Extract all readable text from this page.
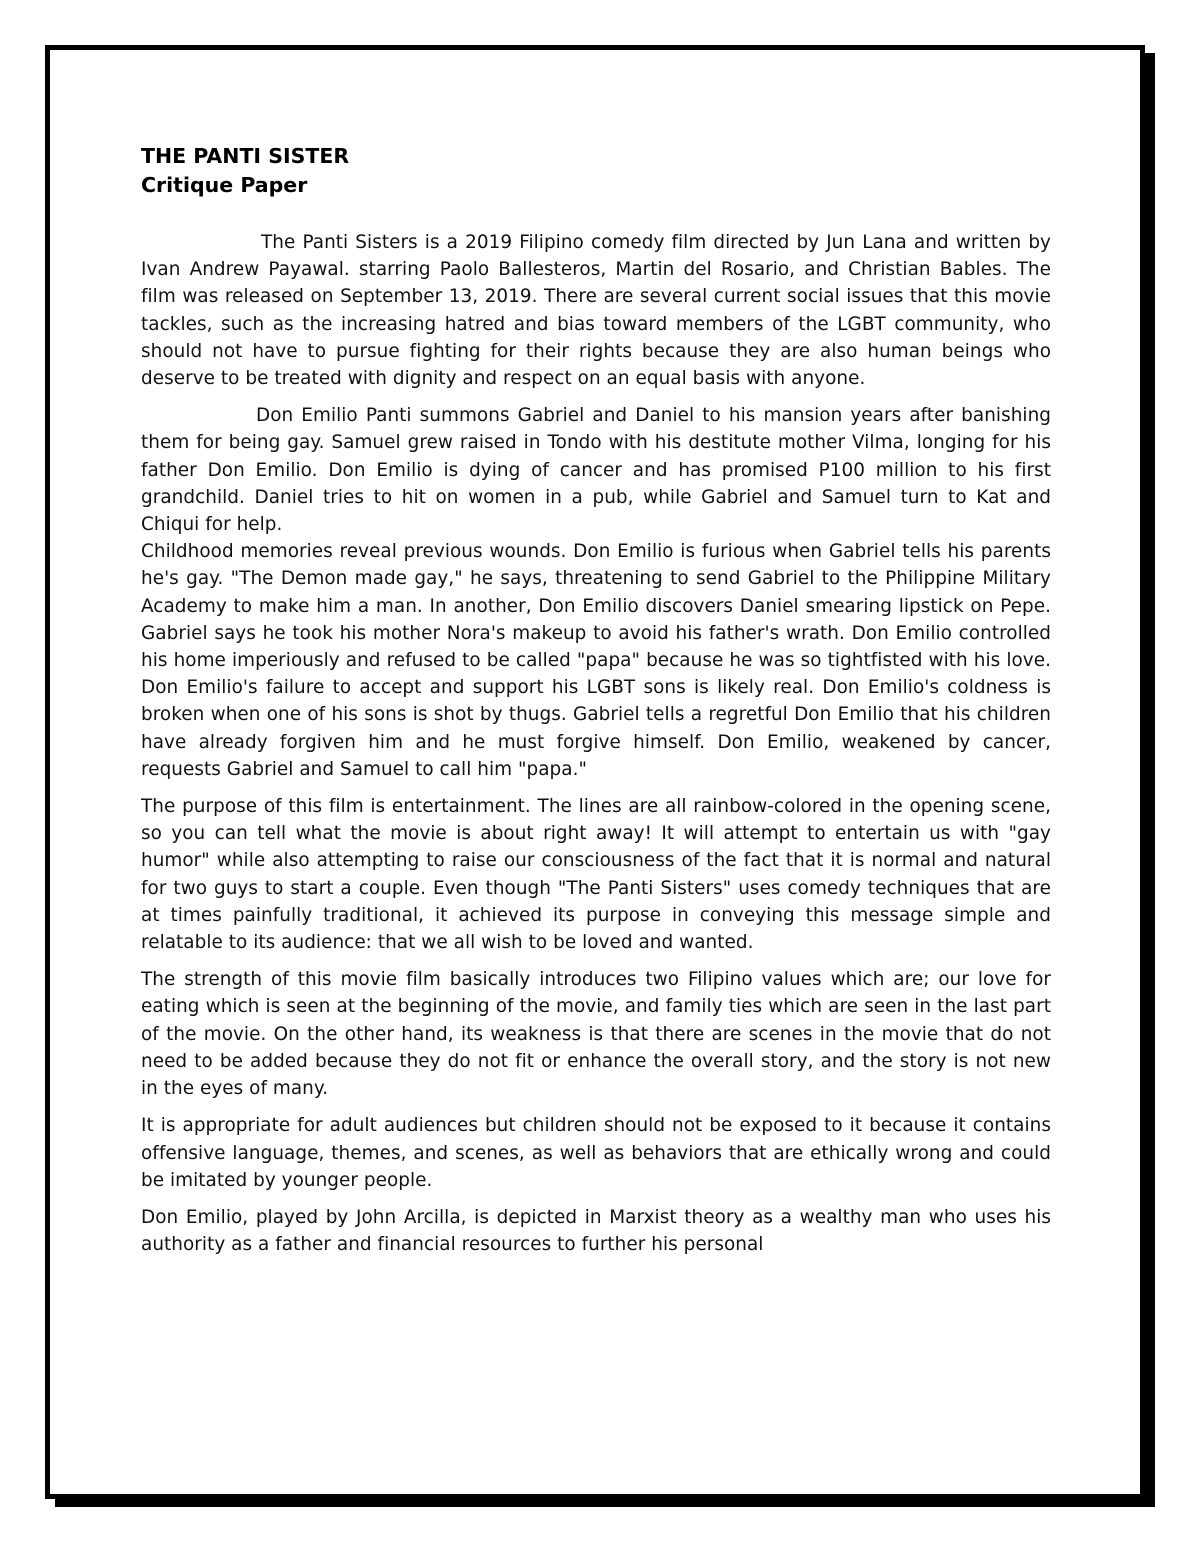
THE PANTI SISTER
Critique Paper

The Panti Sisters is a 2019 Filipino comedy film directed by Jun Lana and written by Ivan Andrew Payawal. starring Paolo Ballesteros, Martin del Rosario, and Christian Bables. The film was released on September 13, 2019. There are several current social issues that this movie tackles, such as the increasing hatred and bias toward members of the LGBT community, who should not have to pursue fighting for their rights because they are also human beings who deserve to be treated with dignity and respect on an equal basis with anyone.

Don Emilio Panti summons Gabriel and Daniel to his mansion years after banishing them for being gay. Samuel grew raised in Tondo with his destitute mother Vilma, longing for his father Don Emilio. Don Emilio is dying of cancer and has promised P100 million to his first grandchild. Daniel tries to hit on women in a pub, while Gabriel and Samuel turn to Kat and Chiqui for help.

Childhood memories reveal previous wounds. Don Emilio is furious when Gabriel tells his parents he's gay. "The Demon made gay," he says, threatening to send Gabriel to the Philippine Military Academy to make him a man. In another, Don Emilio discovers Daniel smearing lipstick on Pepe. Gabriel says he took his mother Nora's makeup to avoid his father's wrath. Don Emilio controlled his home imperiously and refused to be called "papa" because he was so tightfisted with his love. Don Emilio's failure to accept and support his LGBT sons is likely real. Don Emilio's coldness is broken when one of his sons is shot by thugs. Gabriel tells a regretful Don Emilio that his children have already forgiven him and he must forgive himself. Don Emilio, weakened by cancer, requests Gabriel and Samuel to call him "papa."

The purpose of this film is entertainment. The lines are all rainbow-colored in the opening scene, so you can tell what the movie is about right away! It will attempt to entertain us with "gay humor" while also attempting to raise our consciousness of the fact that it is normal and natural for two guys to start a couple. Even though "The Panti Sisters" uses comedy techniques that are at times painfully traditional, it achieved its purpose in conveying this message simple and relatable to its audience: that we all wish to be loved and wanted.

The strength of this movie film basically introduces two Filipino values which are; our love for eating which is seen at the beginning of the movie, and family ties which are seen in the last part of the movie. On the other hand, its weakness is that there are scenes in the movie that do not need to be added because they do not fit or enhance the overall story, and the story is not new in the eyes of many.

It is appropriate for adult audiences but children should not be exposed to it because it contains offensive language, themes, and scenes, as well as behaviors that are ethically wrong and could be imitated by younger people.

Don Emilio, played by John Arcilla, is depicted in Marxist theory as a wealthy man who uses his authority as a father and financial resources to further his personal
